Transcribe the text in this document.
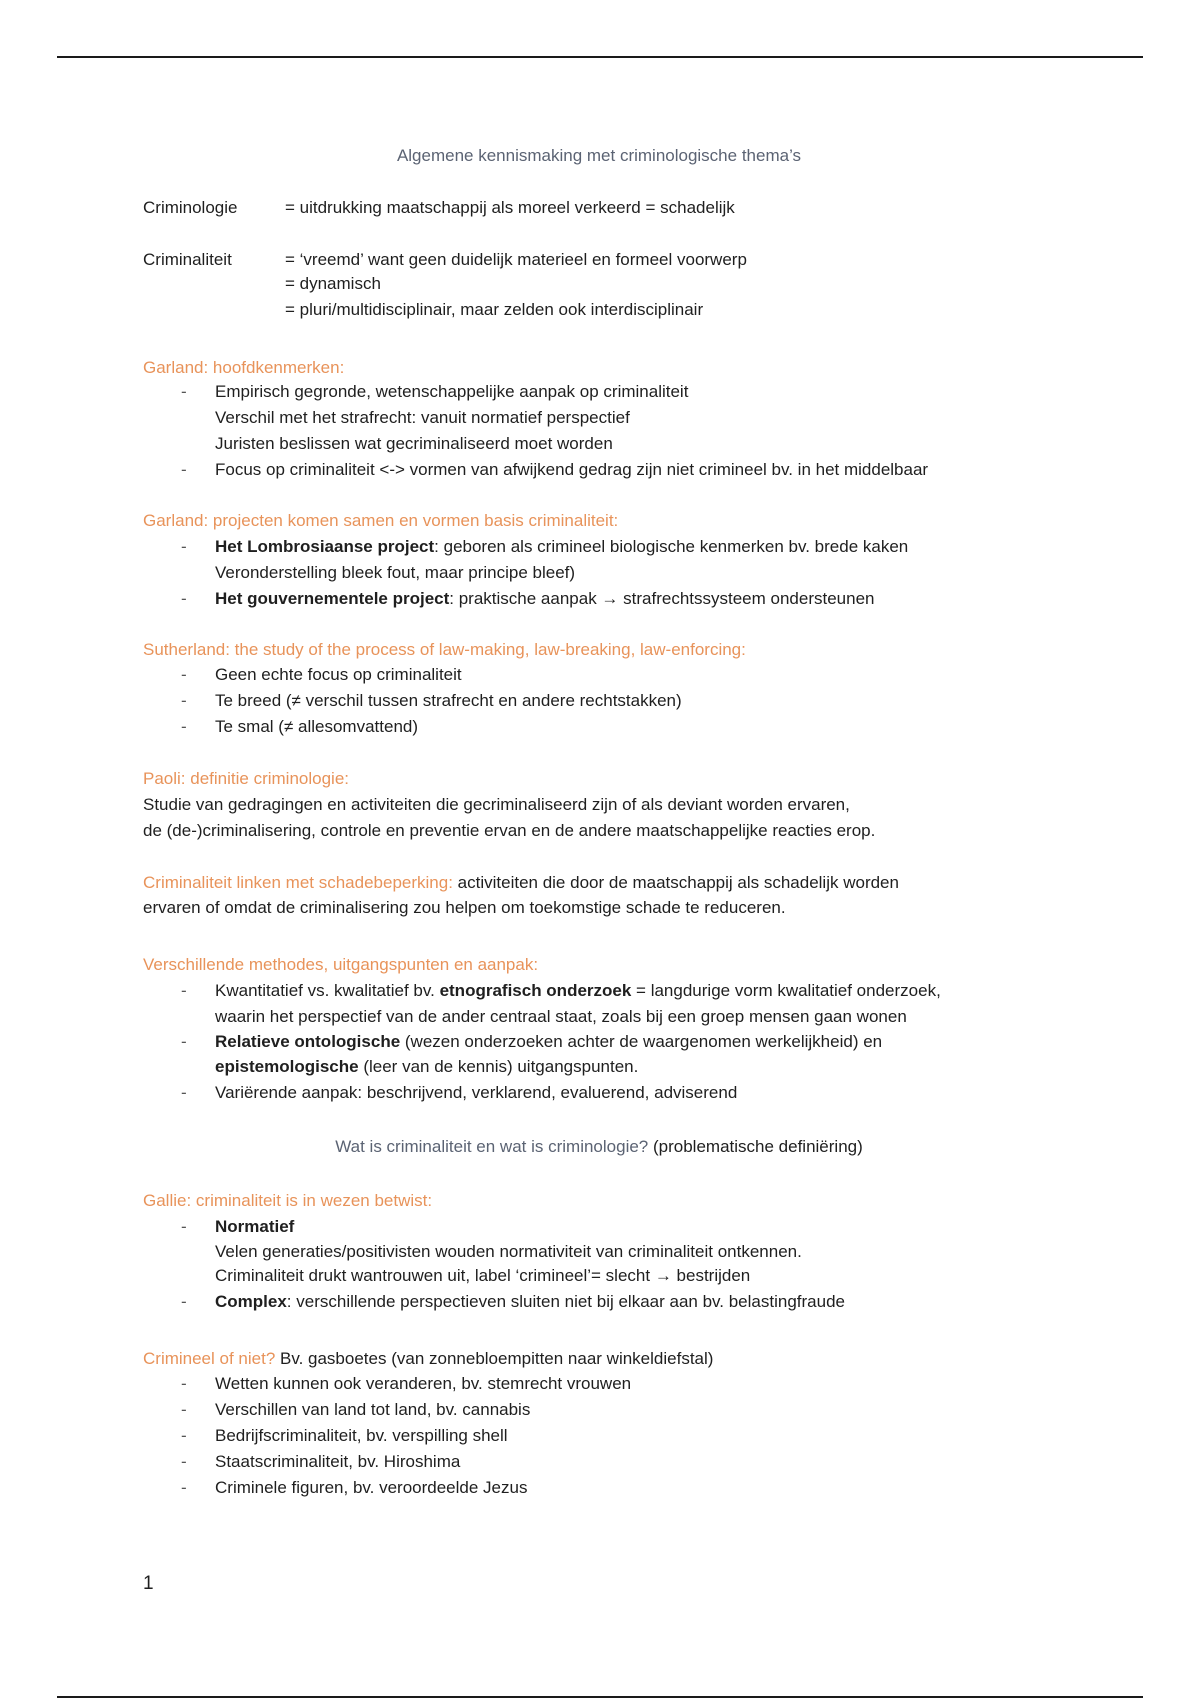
Algemene kennismaking met criminologische thema’s
Criminologie	= uitdrukking maatschappij als moreel verkeerd = schadelijk
Criminaliteit	= ‘vreemd’ want geen duidelijk materieel en formeel voorwerp
= dynamisch
= pluri/multidisciplinair, maar zelden ook interdisciplinair
Garland: hoofdkenmerken:
- Empirisch gegronde, wetenschappelijke aanpak op criminaliteit
Verschil met het strafrecht: vanuit normatief perspectief
Juristen beslissen wat gecriminaliseerd moet worden
- Focus op criminaliteit <-> vormen van afwijkend gedrag zijn niet crimineel bv. in het middelbaar
Garland: projecten komen samen en vormen basis criminaliteit:
- Het Lombrosiaanse project: geboren als crimineel biologische kenmerken bv. brede kaken
Veronderstelling bleek fout, maar principe bleef)
- Het gouvernementele project: praktische aanpak → strafrechtssysteem ondersteunen
Sutherland: the study of the process of law-making, law-breaking, law-enforcing:
- Geen echte focus op criminaliteit
- Te breed (≠ verschil tussen strafrecht en andere rechtstakken)
- Te smal (≠ allesomvattend)
Paoli: definitie criminologie:
Studie van gedragingen en activiteiten die gecriminaliseerd zijn of als deviant worden ervaren,
de (de-)criminalisering, controle en preventie ervan en de andere maatschappelijke reacties erop.
Criminaliteit linken met schadebeperking: activiteiten die door de maatschappij als schadelijk worden
ervaren of omdat de criminalisering zou helpen om toekomstige schade te reduceren.
Verschillende methodes, uitgangspunten en aanpak:
- Kwantitatief vs. kwalitatief bv. etnografisch onderzoek = langdurige vorm kwalitatief onderzoek,
waarin het perspectief van de ander centraal staat, zoals bij een groep mensen gaan wonen
- Relatieve ontologische (wezen onderzoeken achter de waargenomen werkelijkheid) en
epistemologische (leer van de kennis) uitgangspunten.
- Variërende aanpak: beschrijvend, verklarend, evaluerend, adviserend
Wat is criminaliteit en wat is criminologie? (problematische definiëring)
Gallie: criminaliteit is in wezen betwist:
- Normatief
Velen generaties/positivisten wouden normativiteit van criminaliteit ontkennen.
Criminaliteit drukt wantrouwen uit, label ‘crimineel’= slecht → bestrijden
- Complex: verschillende perspectieven sluiten niet bij elkaar aan bv. belastingfraude
Crimineel of niet? Bv. gasboetes (van zonnebloempitten naar winkeldiefstal)
- Wetten kunnen ook veranderen, bv. stemrecht vrouwen
- Verschillen van land tot land, bv. cannabis
- Bedrijfscriminaliteit, bv. verspilling shell
- Staatscriminaliteit, bv. Hiroshima
- Criminele figuren, bv. veroordeelde Jezus
1
